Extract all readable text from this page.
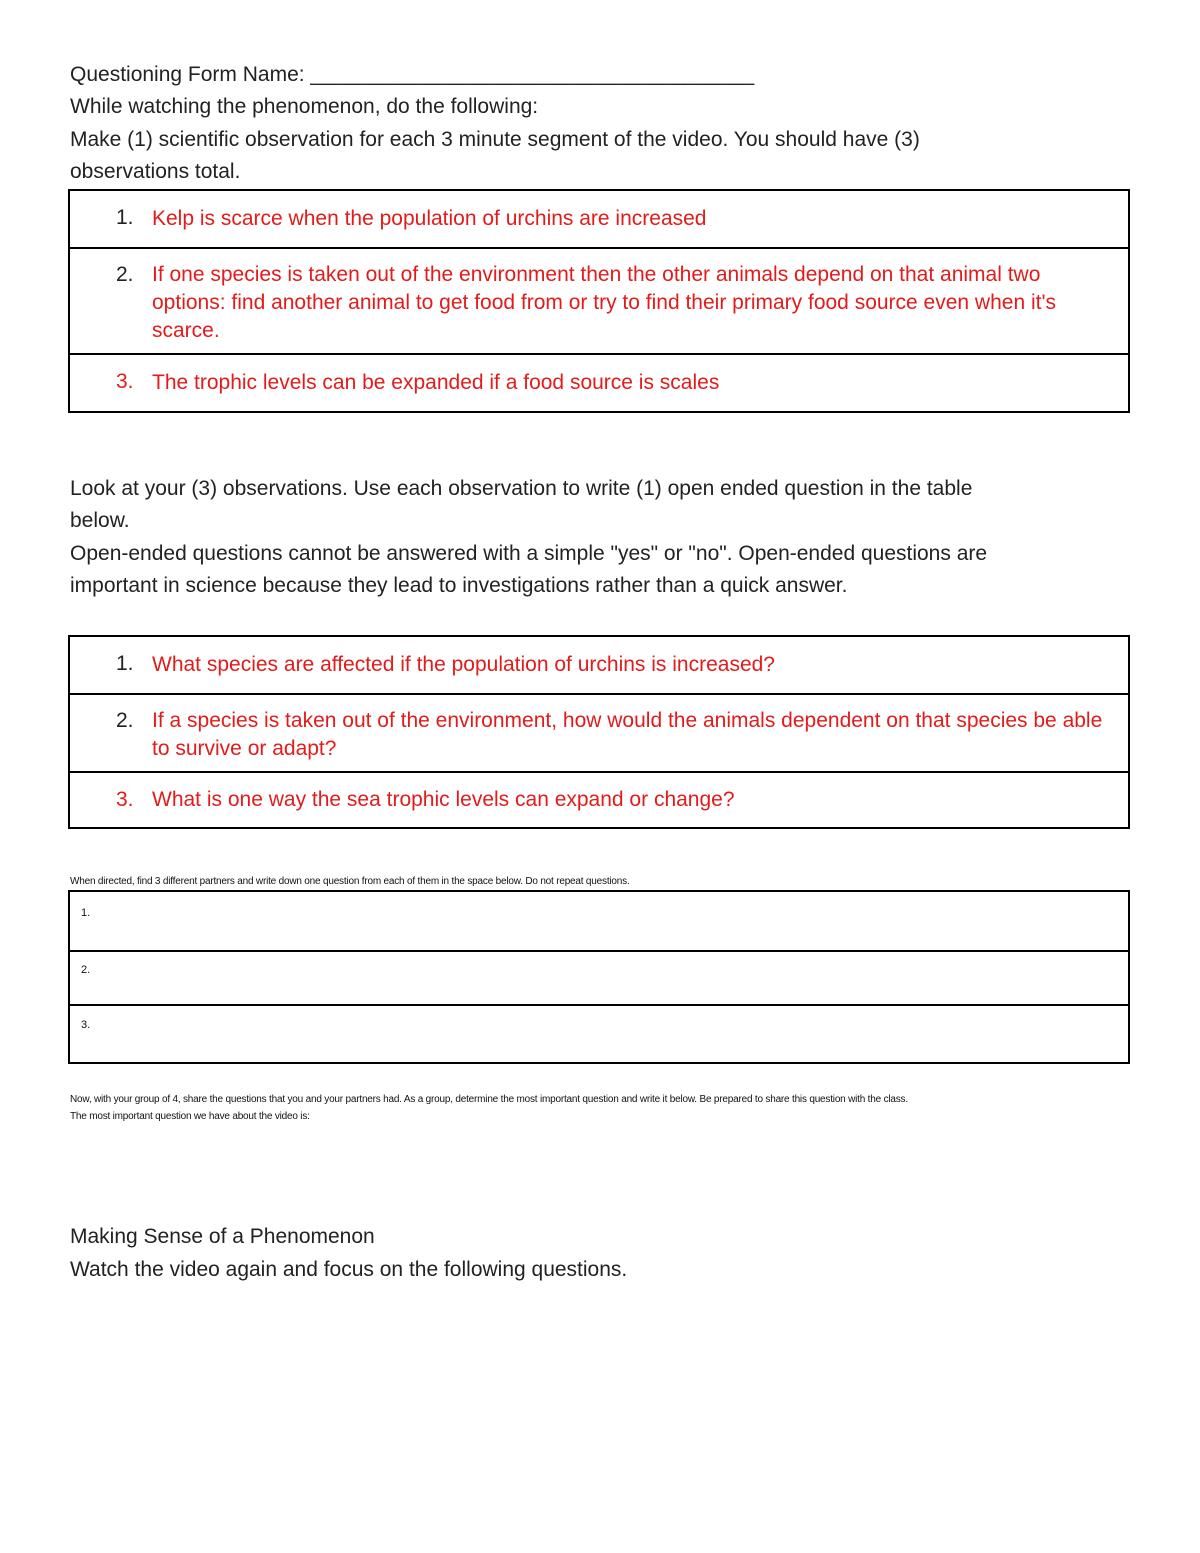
Questioning Form Name: ______________________________________

While watching the phenomenon, do the following:

Make (1) scientific observation for each 3 minute segment of the video. You should have (3)

observations total.

1. Kelp is scarce when the population of urchins are increased
2. If one species is taken out of the environment then the other animals depend on that animal two options: find another animal to get food from or try to find their primary food source even when it's scarce.
3. The trophic levels can be expanded if a food source is scales

Look at your (3) observations. Use each observation to write (1) open ended question in the table

below.

Open-ended questions cannot be answered with a simple "yes" or "no". Open-ended questions are

important in science because they lead to investigations rather than a quick answer.

1. What species are affected if the population of urchins is increased?
2. If a species is taken out of the environment, how would the animals dependent on that species be able to survive or adapt?
3. What is one way the sea trophic levels can expand or change?

When directed, find 3 different partners and write down one question from each of them in the space below. Do not repeat questions.

1.
2.
3.

Now, with your group of 4, share the questions that you and your partners had. As a group, determine the most important question and write it below. Be prepared to share this question with the class.

The most important question we have about the video is:

Making Sense of a Phenomenon

Watch the video again and focus on the following questions.
